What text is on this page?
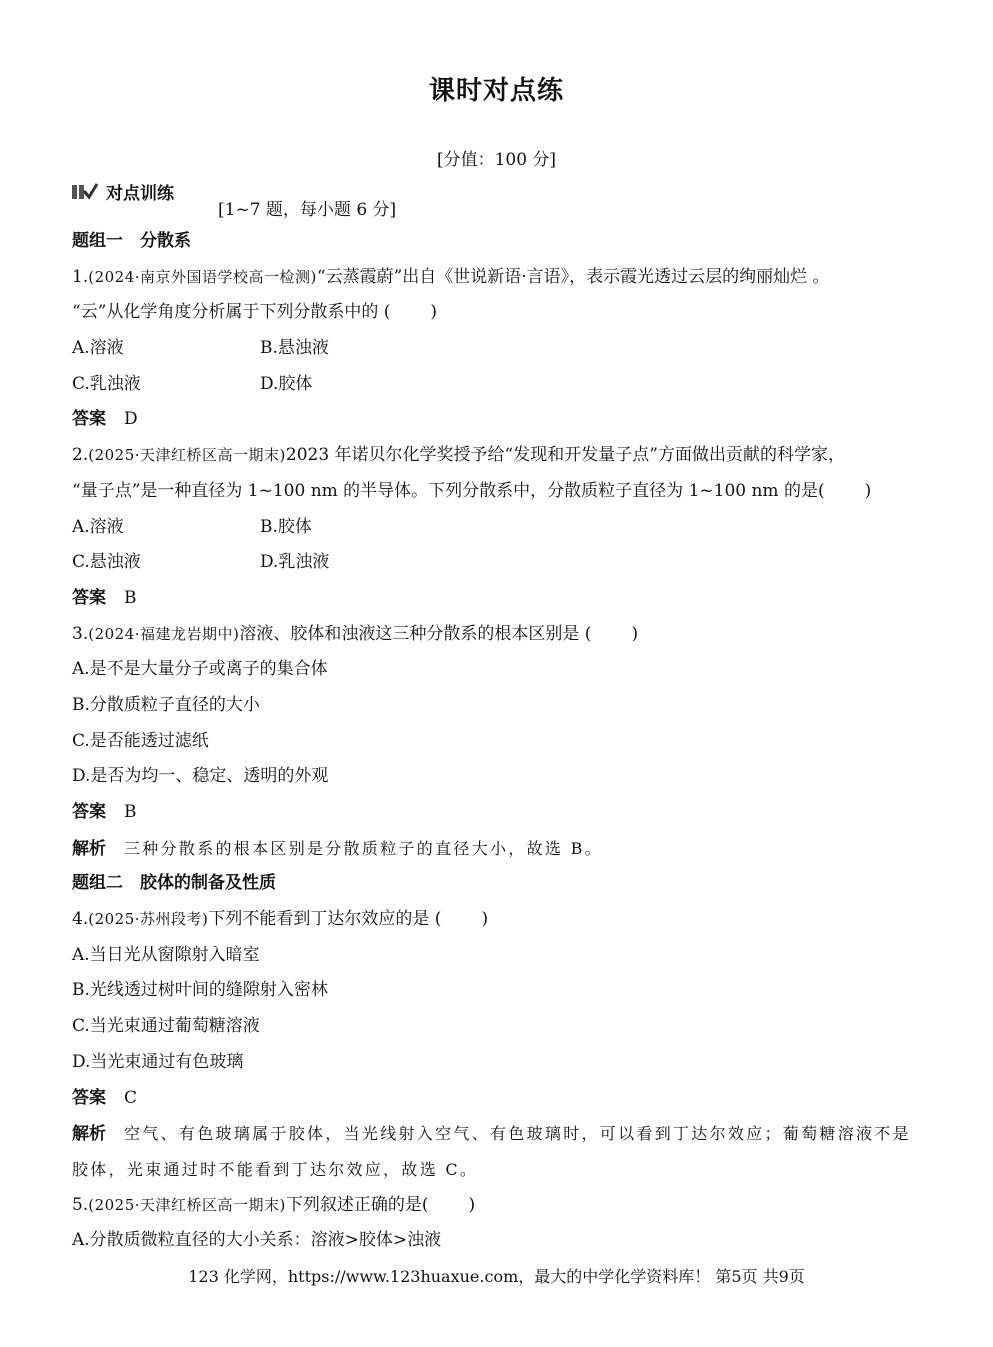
课时对点练
[分值：100 分]
对点训练
[1~7 题，每小题 6 分]
题组一　分散系
1.(2024·南京外国语学校高一检测)“云蒸霞蔚”出自《世说新语·言语》，表示霞光透过云层的绚丽灿烂 。
“云”从化学角度分析属于下列分散系中的 ( )
A.溶液	B.悬浊液
C.乳浊液	D.胶体
答案 D
2.(2025·天津红桥区高一期末)2023 年诺贝尔化学奖授予给“发现和开发量子点”方面做出贡献的科学家，
“量子点”是一种直径为 1~100 nm 的半导体。下列分散系中，分散质粒子直径为 1~100 nm 的是( )
A.溶液	B.胶体
C.悬浊液	D.乳浊液
答案 B
3.(2024·福建龙岩期中)溶液、胶体和浊液这三种分散系的根本区别是 ( )
A.是不是大量分子或离子的集合体
B.分散质粒子直径的大小
C.是否能透过滤纸
D.是否为均一、稳定、透明的外观
答案 B
解析 三种分散系的根本区别是分散质粒子的直径大小，故选 B。
题组二　胶体的制备及性质
4.(2025·苏州段考)下列不能看到丁达尔效应的是 ( )
A.当日光从窗隙射入暗室
B.光线透过树叶间的缝隙射入密林
C.当光束通过葡萄糖溶液
D.当光束通过有色玻璃
答案 C
解析 空气、有色玻璃属于胶体，当光线射入空气、有色玻璃时，可以看到丁达尔效应；葡萄糖溶液不是
胶体，光束通过时不能看到丁达尔效应，故选 C。
5.(2025·天津红桥区高一期末)下列叙述正确的是( )
A.分散质微粒直径的大小关系：溶液>胶体>浊液
123 化学网，https://www.123huaxue.com，最大的中学化学资料库！ 第5页 共9页
